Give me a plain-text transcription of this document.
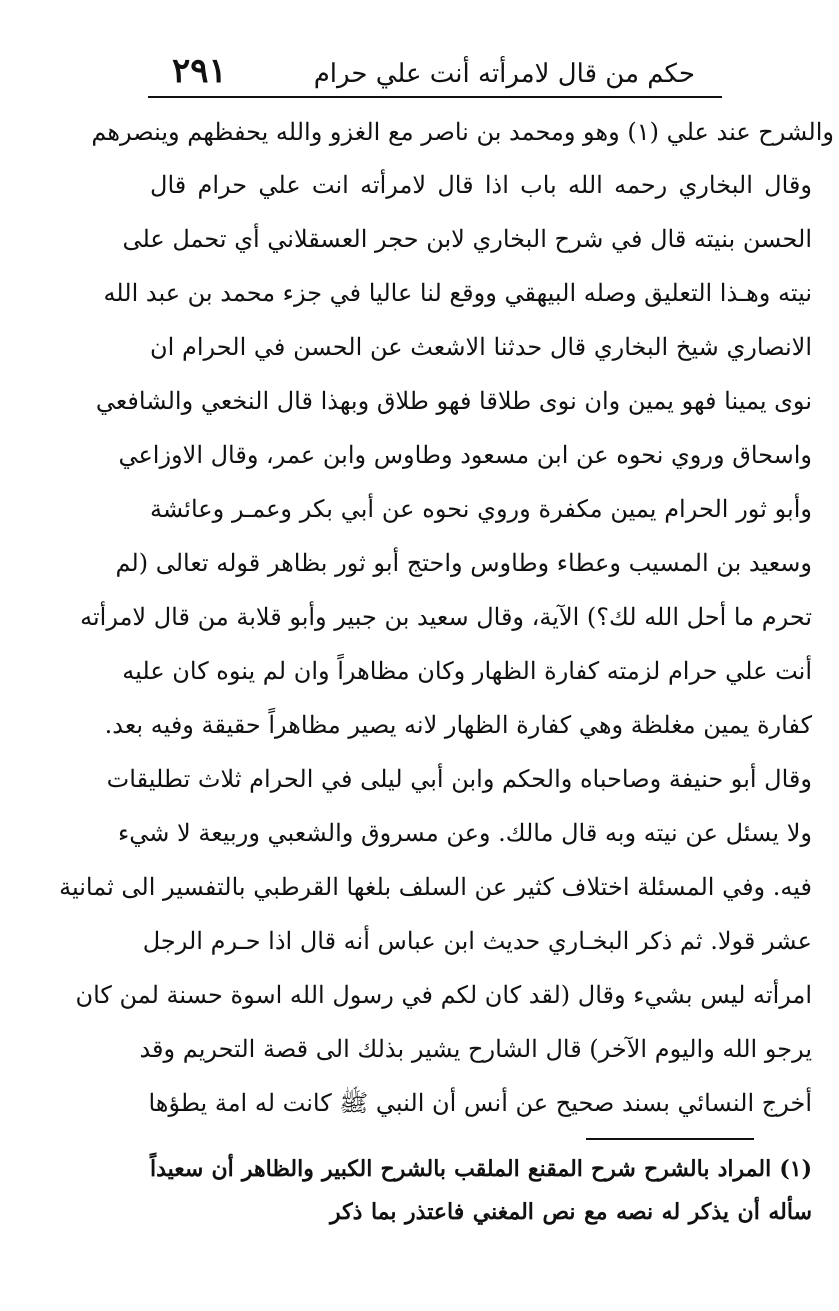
حكم من قال لامرأته أنت علي حرام
٢٩١
والشرح عند علي (١) وهو ومحمد بن ناصر مع الغزو والله يحفظهم وينصرهم
وقال البخاري رحمه الله باب اذا قال لامرأته انت علي حرام قال
الحسن بنيته قال في شرح البخاري لابن حجر العسقلاني أي تحمل على
نيته وهـذا التعليق وصله البيهقي ووقع لنا عاليا في جزء محمد بن عبد الله
الانصاري شيخ البخاري قال حدثنا الاشعث عن الحسن في الحرام ان
نوى يمينا فهو يمين وان نوى طلاقا فهو طلاق وبهذا قال النخعي والشافعي
واسحاق وروي نحوه عن ابن مسعود وطاوس وابن عمر، وقال الاوزاعي
وأبو ثور الحرام يمين مكفرة وروي نحوه عن أبي بكر وعمـر وعائشة
وسعيد بن المسيب وعطاء وطاوس واحتج أبو ثور بظاهر قوله تعالى (لم
تحرم ما أحل الله لك؟) الآية، وقال سعيد بن جبير وأبو قلابة من قال لامرأته
أنت علي حرام لزمته كفارة الظهار وكان مظاهراً وان لم ينوه كان عليه
كفارة يمين مغلظة وهي كفارة الظهار لانه يصير مظاهراً حقيقة وفيه بعد.
وقال أبو حنيفة وصاحباه والحكم وابن أبي ليلى في الحرام ثلاث تطليقات
ولا يسئل عن نيته وبه قال مالك. وعن مسروق والشعبي وربيعة لا شيء
فيه. وفي المسئلة اختلاف كثير عن السلف بلغها القرطبي بالتفسير الى ثمانية
عشر قولا. ثم ذكر البخـاري حديث ابن عباس أنه قال اذا حـرم الرجل
امرأته ليس بشيء وقال (لقد كان لكم في رسول الله اسوة حسنة لمن كان
يرجو الله واليوم الآخر) قال الشارح يشير بذلك الى قصة التحريم وقد
أخرج النسائي بسند صحيح عن أنس أن النبي ﷺ كانت له امة يطؤها
(١) المراد بالشرح شرح المقنع الملقب بالشرح الكبير والظاهر أن سعيداً
سأله أن يذكر له نصه مع نص المغني فاعتذر بما ذكر
